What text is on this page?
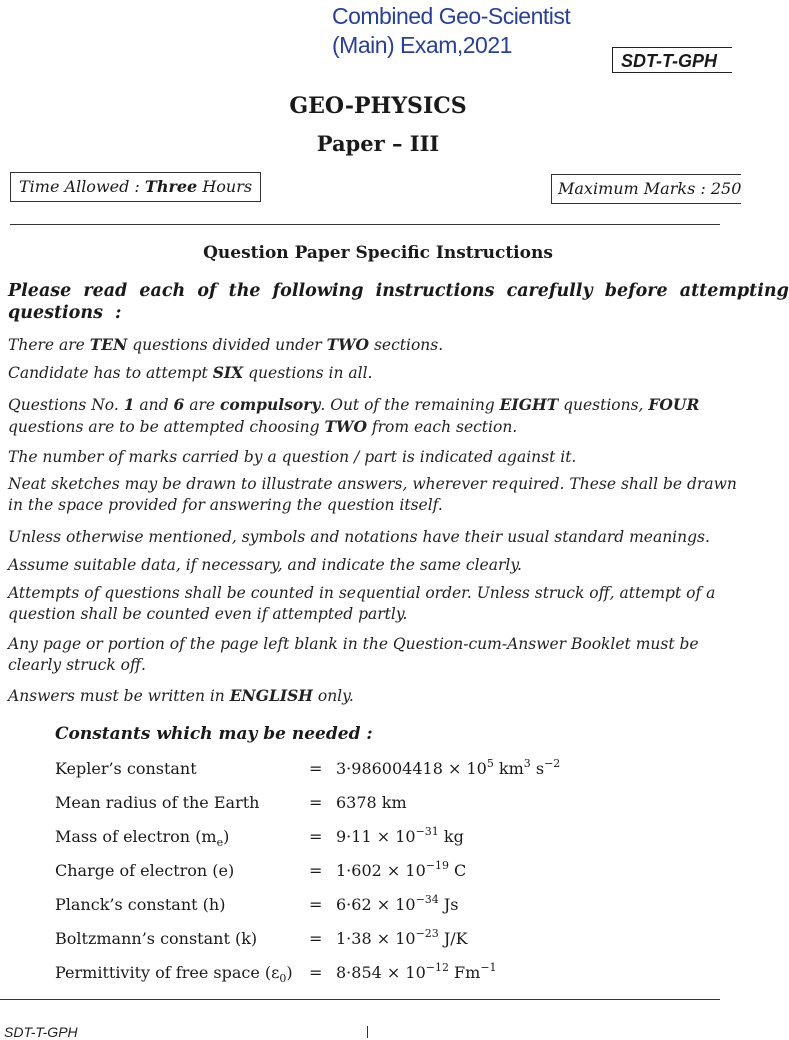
Combined Geo-Scientist
(Main) Exam,2021
SDT-T-GPH
GEO-PHYSICS
Paper – III
Time Allowed : Three Hours	Maximum Marks : 250
Question Paper Specific Instructions
Please read each of the following instructions carefully before attempting
questions :
There are TEN questions divided under TWO sections.
Candidate has to attempt SIX questions in all.
Questions No. 1 and 6 are compulsory. Out of the remaining EIGHT questions, FOUR
questions are to be attempted choosing TWO from each section.
The number of marks carried by a question / part is indicated against it.
Neat sketches may be drawn to illustrate answers, wherever required. These shall be drawn
in the space provided for answering the question itself.
Unless otherwise mentioned, symbols and notations have their usual standard meanings.
Assume suitable data, if necessary, and indicate the same clearly.
Attempts of questions shall be counted in sequential order. Unless struck off, attempt of a
question shall be counted even if attempted partly.
Any page or portion of the page left blank in the Question-cum-Answer Booklet must be
clearly struck off.
Answers must be written in ENGLISH only.
Constants which may be needed :
Kepler’s constant	= $3\cdot 986004418 \times 10^5$ $km^3$ $s^{-2}$
Mean radius of the Earth	= 6378 km
Mass of electron $(m_e)$	= $9\cdot 11 \times 10^{-31}$ kg
Charge of electron (e)	= $1\cdot 602 \times 10^{-19}$ C
Planck’s constant (h)	= $6\cdot 62 \times 10^{-34}$ Js
Boltzmann’s constant (k)	= $1\cdot 38 \times 10^{-23}$ J/K
Permittivity of free space $(\varepsilon_0) = 8\cdot 854 \times 10^{-12}$ $Fm^{-1}$
SDT-T-GPH
